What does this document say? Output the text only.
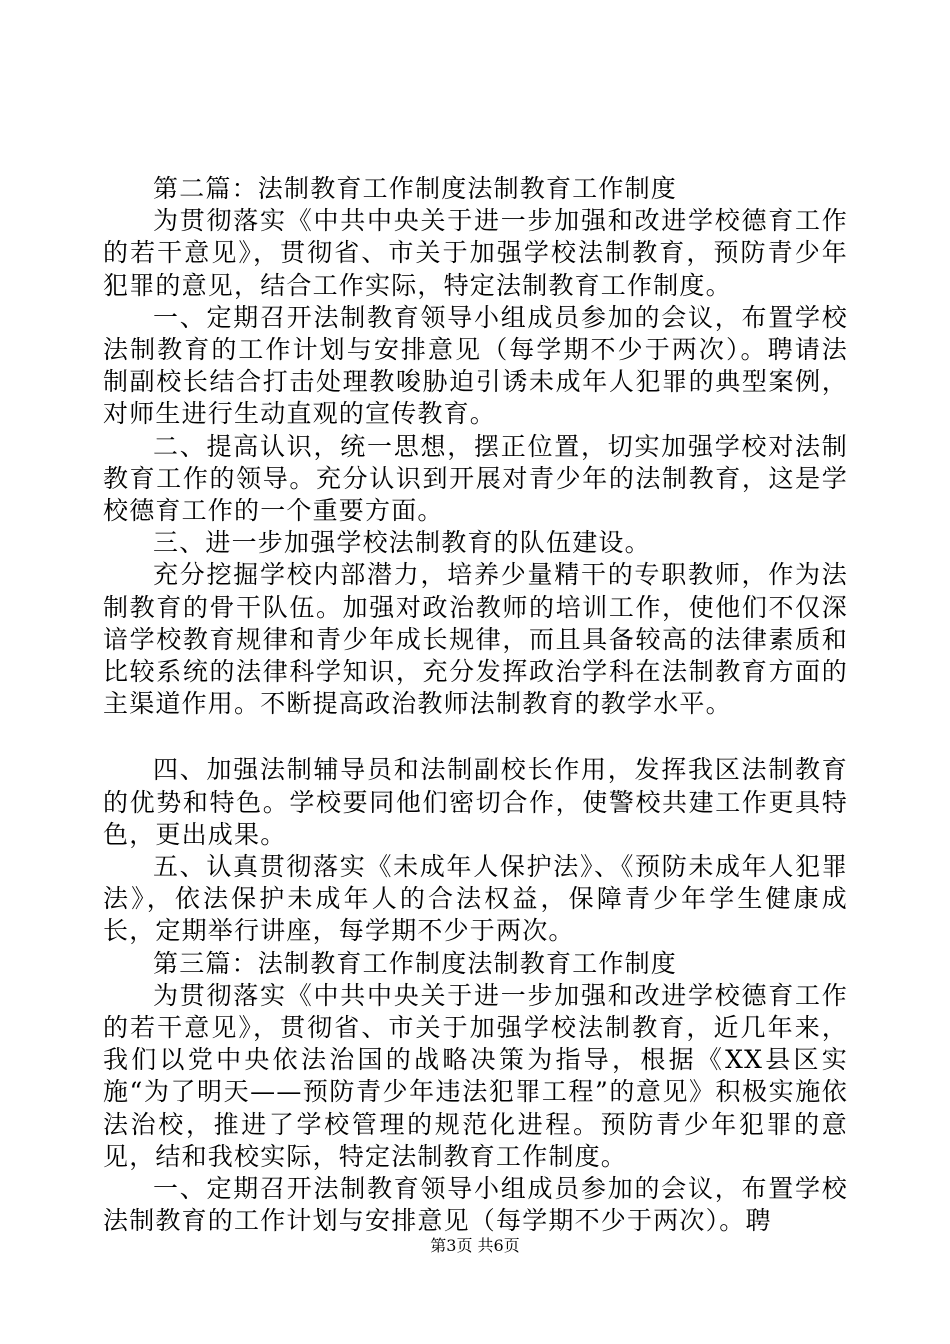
第二篇：法制教育工作制度法制教育工作制度

为贯彻落实《中共中央关于进一步加强和改进学校德育工作的若干意见》，贯彻省、市关于加强学校法制教育，预防青少年犯罪的意见，结合工作实际，特定法制教育工作制度。

一、定期召开法制教育领导小组成员参加的会议，布置学校法制教育的工作计划与安排意见（每学期不少于两次）。聘请法制副校长结合打击处理教唆胁迫引诱未成年人犯罪的典型案例，对师生进行生动直观的宣传教育。

二、提高认识，统一思想，摆正位置，切实加强学校对法制教育工作的领导。充分认识到开展对青少年的法制教育，这是学校德育工作的一个重要方面。

三、进一步加强学校法制教育的队伍建设。

充分挖掘学校内部潜力，培养少量精干的专职教师，作为法制教育的骨干队伍。加强对政治教师的培训工作，使他们不仅深谙学校教育规律和青少年成长规律，而且具备较高的法律素质和比较系统的法律科学知识，充分发挥政治学科在法制教育方面的主渠道作用。不断提高政治教师法制教育的教学水平。

四、加强法制辅导员和法制副校长作用，发挥我区法制教育的优势和特色。学校要同他们密切合作，使警校共建工作更具特色，更出成果。

五、认真贯彻落实《未成年人保护法》、《预防未成年人犯罪法》，依法保护未成年人的合法权益，保障青少年学生健康成长，定期举行讲座，每学期不少于两次。

第三篇：法制教育工作制度法制教育工作制度

为贯彻落实《中共中央关于进一步加强和改进学校德育工作的若干意见》，贯彻省、市关于加强学校法制教育，近几年来，我们以党中央依法治国的战略决策为指导，根据《XX县区实施“为了明天——预防青少年违法犯罪工程”的意见》积极实施依法治校，推进了学校管理的规范化进程。预防青少年犯罪的意见，结和我校实际，特定法制教育工作制度。

一、定期召开法制教育领导小组成员参加的会议，布置学校法制教育的工作计划与安排意见（每学期不少于两次）。聘

第3页 共6页
